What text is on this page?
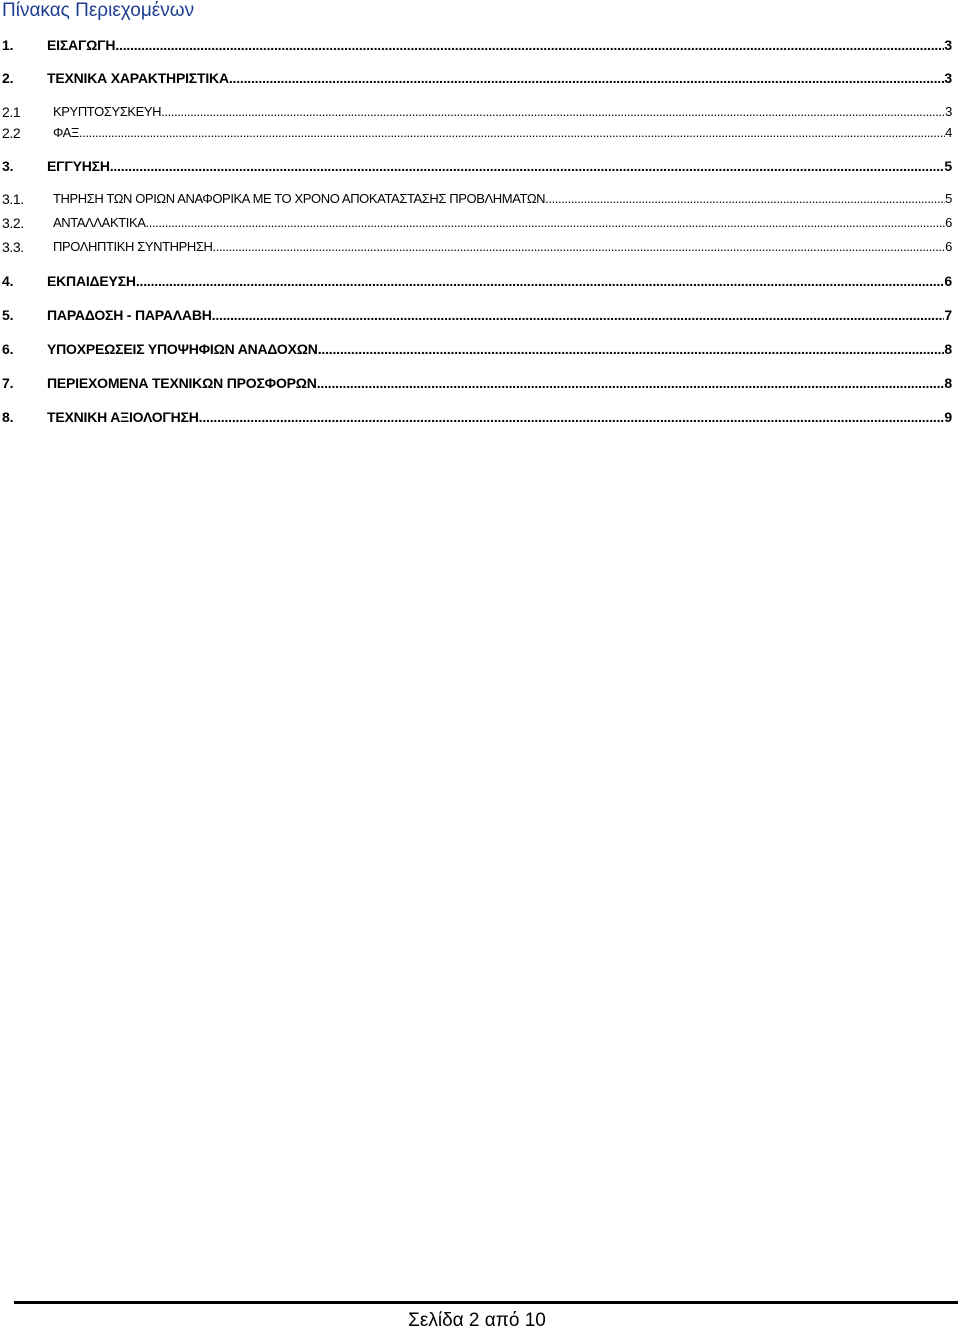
Πίνακας Περιεχομένων
1.	ΕΙΣΑΓΩΓΗ .....	3
2.	ΤΕΧΝΙΚΑ ΧΑΡΑΚΤΗΡΙΣΤΙΚΑ .....	3
2.1	ΚΡΥΠΤΟΣΥΣΚΕΥΗ .....	3
2.2	ΦΑΞ .....	4
3.	ΕΓΓΥΗΣΗ .....	5
3.1.	ΤΗΡΗΣΗ ΤΩΝ ΟΡΙΩΝ ΑΝΑΦΟΡΙΚΑ ΜΕ ΤΟ ΧΡΟΝΟ ΑΠΟΚΑΤΑΣΤΑΣΗΣ ΠΡΟΒΛΗΜΑΤΩΝ .....	5
3.2.	ΑΝΤΑΛΛΑΚΤΙΚΑ .....	6
3.3.	ΠΡΟΛΗΠΤΙΚΗ ΣΥΝΤΗΡΗΣΗ .....	6
4.	ΕΚΠΑΙΔΕΥΣΗ .....	6
5.	ΠΑΡΑΔΟΣΗ - ΠΑΡΑΛΑΒΗ .....	7
6.	ΥΠΟΧΡΕΩΣΕΙΣ ΥΠΟΨΗΦΙΩΝ ΑΝΑΔΟΧΩΝ .....	8
7.	ΠΕΡΙΕΧΟΜΕΝΑ ΤΕΧΝΙΚΩΝ ΠΡΟΣΦΟΡΩΝ .....	8
8.	ΤΕΧΝΙΚΗ ΑΞΙΟΛΟΓΗΣΗ .....	9
Σελίδα 2 από 10
